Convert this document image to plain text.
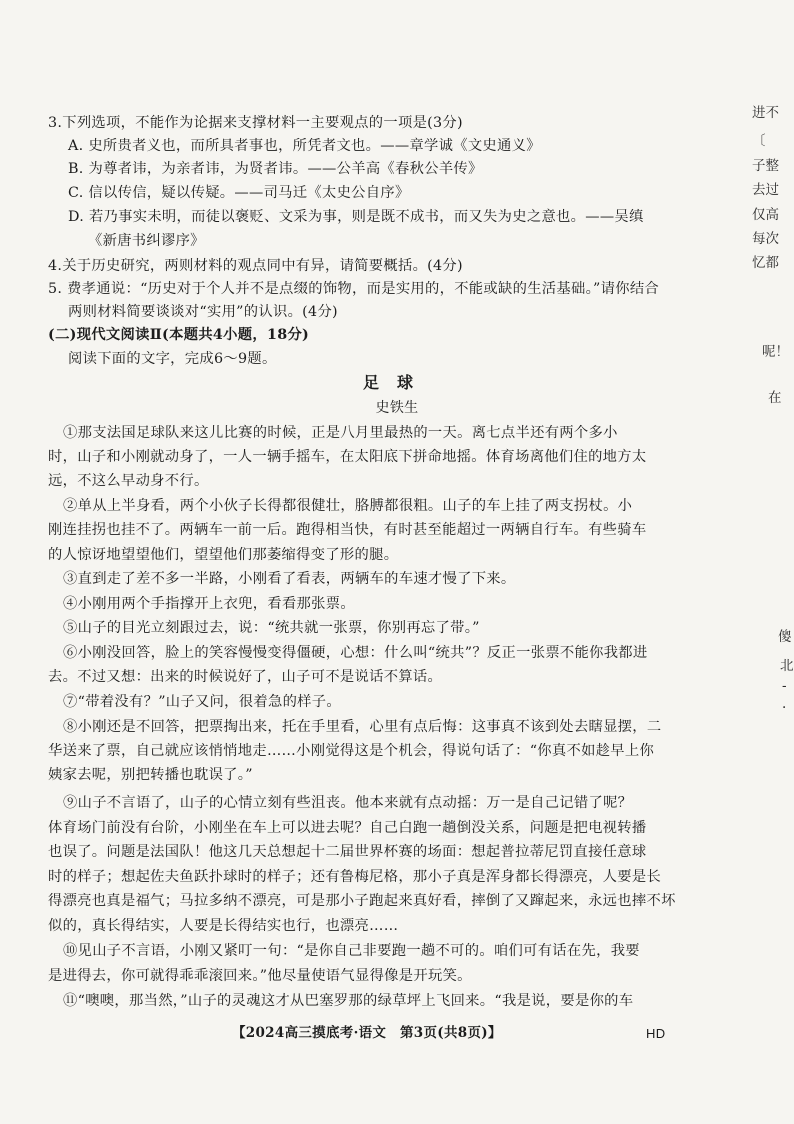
3.下列选项，不能作为论据来支撑材料一主要观点的一项是(3分)
A. 史所贵者义也，而所具者事也，所凭者文也。——章学诚《文史通义》
B. 为尊者讳，为亲者讳，为贤者讳。——公羊高《春秋公羊传》
C. 信以传信，疑以传疑。——司马迁《太史公自序》
D. 若乃事实未明，而徒以褒贬、文采为事，则是既不成书，而又失为史之意也。——吴缜
《新唐书纠谬序》
4.关于历史研究，两则材料的观点同中有异，请简要概括。(4分)
5. 费孝通说：“历史对于个人并不是点缀的饰物，而是实用的，不能或缺的生活基础。”请你结合
两则材料简要谈谈对“实用”的认识。(4分)
(二)现代文阅读Ⅱ(本题共4小题，18分)
阅读下面的文字，完成6～9题。
足球
史铁生
①那支法国足球队来这儿比赛的时候，正是八月里最热的一天。离七点半还有两个多小
时，山子和小刚就动身了，一人一辆手摇车，在太阳底下拼命地摇。体育场离他们住的地方太
远，不这么早动身不行。
②单从上半身看，两个小伙子长得都很健壮，胳膊都很粗。山子的车上挂了两支拐杖。小
刚连挂拐也挂不了。两辆车一前一后。跑得相当快，有时甚至能超过一两辆自行车。有些骑车
的人惊讶地望望他们，望望他们那萎缩得变了形的腿。
③直到走了差不多一半路，小刚看了看表，两辆车的车速才慢了下来。
④小刚用两个手指撑开上衣兜，看看那张票。
⑤山子的目光立刻跟过去，说：“统共就一张票，你别再忘了带。”
⑥小刚没回答，脸上的笑容慢慢变得僵硬，心想：什么叫“统共”？反正一张票不能你我都进
去。不过又想：出来的时候说好了，山子可不是说话不算话。
⑦“带着没有？”山子又问，很着急的样子。
⑧小刚还是不回答，把票掏出来，托在手里看，心里有点后悔：这事真不该到处去瞎显摆，二
华送来了票，自己就应该悄悄地走……小刚觉得这是个机会，得说句话了：“你真不如趁早上你
姨家去呢，别把转播也耽误了。”
⑨山子不言语了，山子的心情立刻有些沮丧。他本来就有点动摇：万一是自己记错了呢？
体育场门前没有台阶，小刚坐在车上可以进去呢？自己白跑一趟倒没关系，问题是把电视转播
也误了。问题是法国队！他这几天总想起十二届世界杯赛的场面：想起普拉蒂尼罚直接任意球
时的样子；想起佐夫鱼跃扑球时的样子；还有鲁梅尼格，那小子真是浑身都长得漂亮，人要是长
得漂亮也真是福气；马拉多纳不漂亮，可是那小子跑起来真好看，摔倒了又蹿起来，永远也摔不坏
似的，真长得结实，人要是长得结实也行，也漂亮……
⑩见山子不言语，小刚又紧叮一句：“是你自己非要跑一趟不可的。咱们可有话在先，我要
是进得去，你可就得乖乖滚回来。”他尽量使语气显得像是开玩笑。
⑪“噢噢，那当然，”山子的灵魂这才从巴塞罗那的绿草坪上飞回来。“我是说，要是你的车
【2024高三摸底考·语文　第3页(共8页)】	HD
进不
〔
子整
去过
仅高
每次
忆都
呢！
在
傻
北
-
·
